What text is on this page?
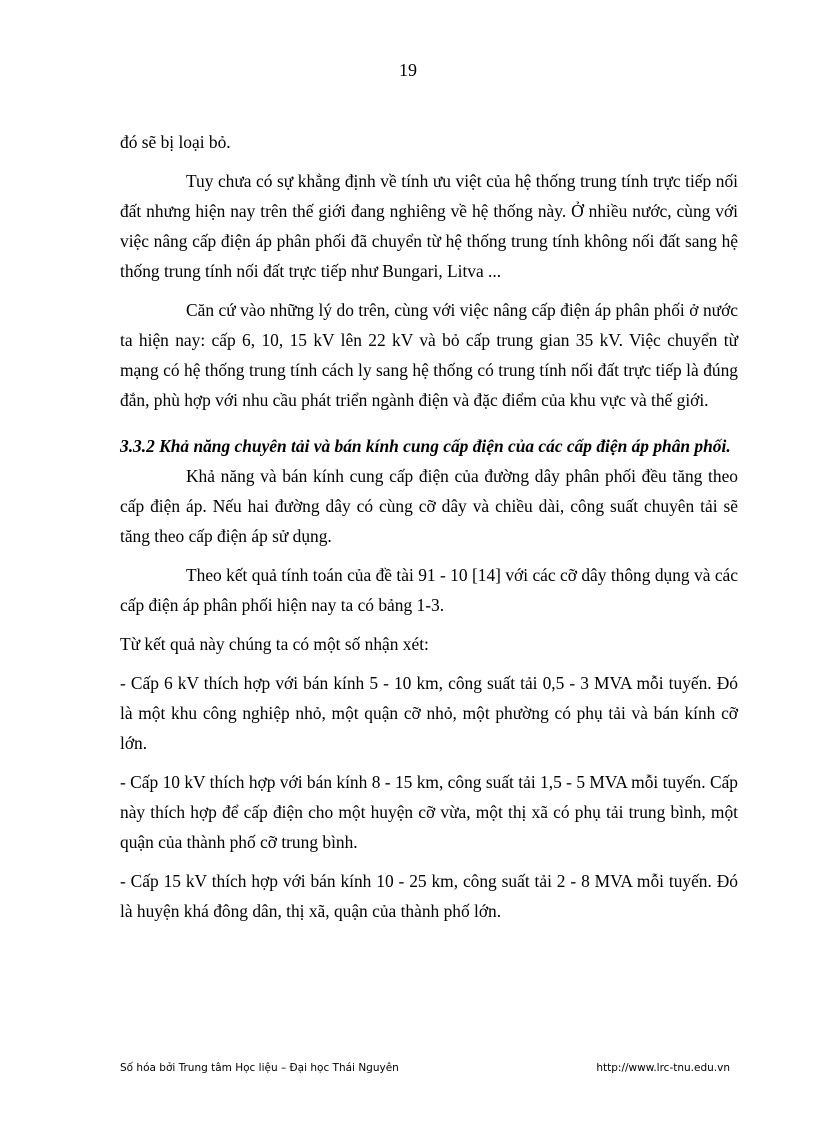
19

đó sẽ bị loại bỏ.

Tuy chưa có sự khẳng định về tính ưu việt của hệ thống trung tính trực tiếp nối đất nhưng hiện nay trên thế giới đang nghiêng về hệ thống này. Ở nhiều nước, cùng với việc nâng cấp điện áp phân phối đã chuyển từ hệ thống trung tính không nối đất sang hệ thống trung tính nối đất trực tiếp như Bungari, Litva ...

Căn cứ vào những lý do trên, cùng với việc nâng cấp điện áp phân phối ở nước ta hiện nay: cấp 6, 10, 15 kV lên 22 kV và bỏ cấp trung gian 35 kV. Việc chuyển từ mạng có hệ thống trung tính cách ly sang hệ thống có trung tính nối đất trực tiếp là đúng đắn, phù hợp với nhu cầu phát triển ngành điện và đặc điểm của khu vực và thế giới.

3.3.2 Khả năng chuyên tải và bán kính cung cấp điện của các cấp điện áp phân phối.

Khả năng và bán kính cung cấp điện của đường dây phân phối đều tăng theo cấp điện áp. Nếu hai đường dây có cùng cỡ dây và chiều dài, công suất chuyên tải sẽ tăng theo cấp điện áp sử dụng.

Theo kết quả tính toán của đề tài 91 - 10 [14] với các cỡ dây thông dụng và các cấp điện áp phân phối hiện nay ta có bảng 1-3.

Từ kết quả này chúng ta có một số nhận xét:

- Cấp 6 kV thích hợp với bán kính 5 - 10 km, công suất tải 0,5 - 3 MVA mỗi tuyến. Đó là một khu công nghiệp nhỏ, một quận cỡ nhỏ, một phường có phụ tải và bán kính cỡ lớn.

- Cấp 10 kV thích hợp với bán kính 8 - 15 km, công suất tải 1,5 - 5 MVA mỗi tuyến. Cấp này thích hợp để cấp điện cho một huyện cỡ vừa, một thị xã có phụ tải trung bình, một quận của thành phố cỡ trung bình.

- Cấp 15 kV thích hợp với bán kính 10 - 25 km, công suất tải 2 - 8 MVA mỗi tuyến. Đó là huyện khá đông dân, thị xã, quận của thành phố lớn.

Số hóa bởi Trung tâm Học liệu – Đại học Thái Nguyên	http://www.lrc-tnu.edu.vn
